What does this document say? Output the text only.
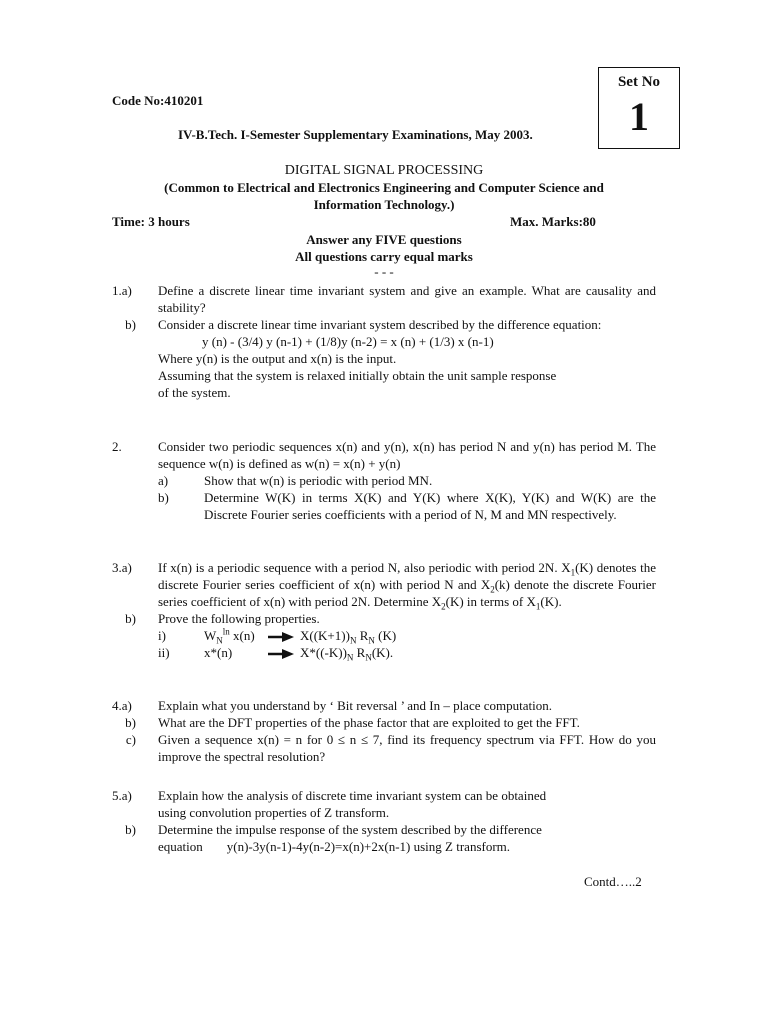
Code No:410201
Set No
1
IV-B.Tech. I-Semester Supplementary Examinations, May 2003.
DIGITAL SIGNAL PROCESSING
(Common to Electrical and Electronics Engineering and Computer Science and
Information Technology.)
Time: 3 hours	Max. Marks:80
Answer any FIVE questions
All questions carry equal marks
- - -
1.a)	Define a discrete linear time invariant system and give an example. What are causality and stability?
b) Consider a discrete linear time invariant system described by the difference equation:
y (n) - (3/4) y (n-1) + (1/8)y (n-2) = x (n) + (1/3) x (n-1)
Where y(n) is the output and x(n) is the input.
Assuming that the system is relaxed initially obtain the unit sample response
of the system.
2.	Consider two periodic sequences x(n) and y(n), x(n) has period N and y(n) has period M. The sequence w(n) is defined as w(n) = x(n) + y(n)
a)	Show that w(n) is periodic with period MN.
b)	Determine W(K) in terms X(K) and Y(K) where X(K), Y(K) and W(K) are the Discrete Fourier series coefficients with a period of N, M and MN respectively.
3.a)	If x(n) is a periodic sequence with a period N, also periodic with period 2N. $X_1(K)$ denotes the discrete Fourier series coefficient of x(n) with period N and $X_2(k)$ denote the discrete Fourier series coefficient of x(n) with period 2N. Determine $X_2(K)$ in terms of $X_1(K)$.
b) Prove the following properties.
i)	$W_N^{ln}$ x(n)	$X((K+1))_N$ $R_N$ (K)
ii)	x*(n)	$X*((-K))_N$ $R_N(K)$.
4.a)	Explain what you understand by ‘ Bit reversal ’ and In – place computation.
b) What are the DFT properties of the phase factor that are exploited to get the FFT.
c) Given a sequence x(n) = n for 0 ≤ n ≤ 7, find its frequency spectrum via FFT. How do you improve the spectral resolution?
5.a)	Explain how the analysis of discrete time invariant system can be obtained
using convolution properties of Z transform.
b) Determine the impulse response of the system described by the difference
equation y(n)-3y(n-1)-4y(n-2)=x(n)+2x(n-1) using Z transform.
Contd…..2
